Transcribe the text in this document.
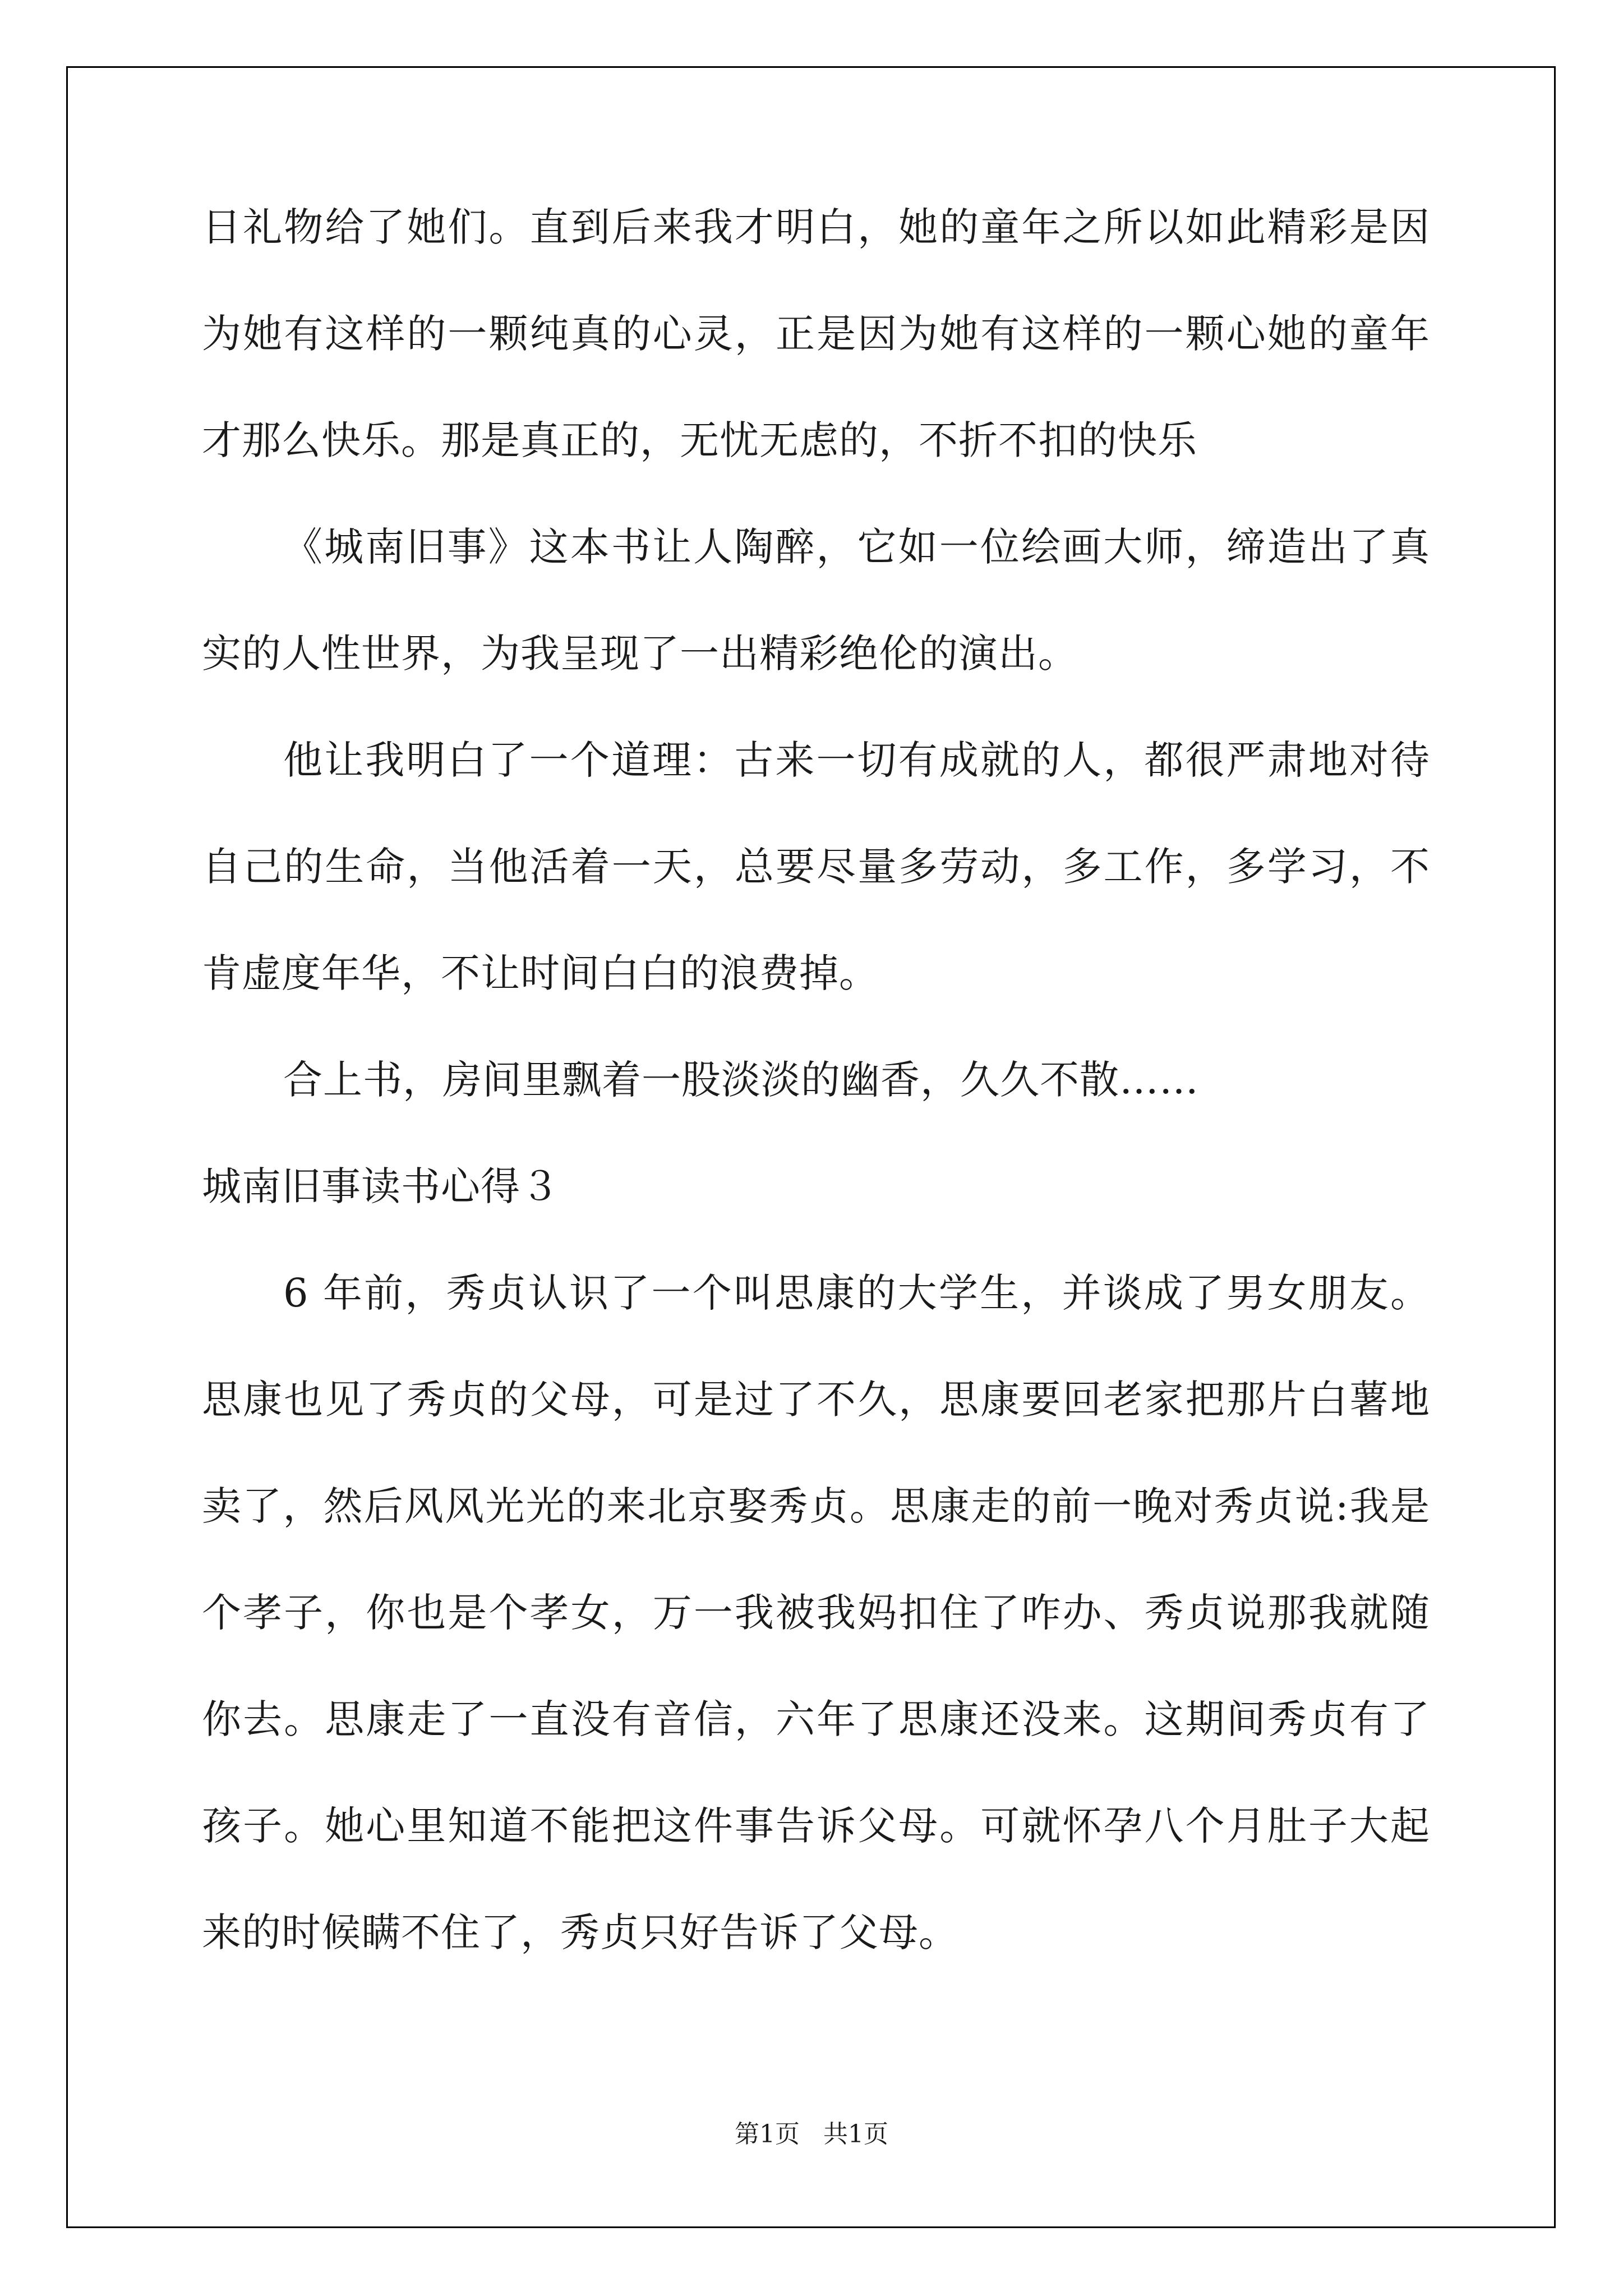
日礼物给了她们。直到后来我才明白，她的童年之所以如此精彩是因
为她有这样的一颗纯真的心灵，正是因为她有这样的一颗心她的童年
才那么快乐。那是真正的，无忧无虑的，不折不扣的快乐
《城南旧事》这本书让人陶醉，它如一位绘画大师，缔造出了真
实的人性世界，为我呈现了一出精彩绝伦的演出。
他让我明白了一个道理：古来一切有成就的人，都很严肃地对待
自己的生命，当他活着一天，总要尽量多劳动，多工作，多学习，不
肯虚度年华，不让时间白白的浪费掉。
合上书，房间里飘着一股淡淡的幽香，久久不散……
城南旧事读书心得３
6 年前，秀贞认识了一个叫思康的大学生，并谈成了男女朋友。
思康也见了秀贞的父母，可是过了不久，思康要回老家把那片白薯地
卖了，然后风风光光的来北京娶秀贞。思康走的前一晚对秀贞说:我是
个孝子，你也是个孝女，万一我被我妈扣住了咋办、秀贞说那我就随
你去。思康走了一直没有音信，六年了思康还没来。这期间秀贞有了
孩子。她心里知道不能把这件事告诉父母。可就怀孕八个月肚子大起
来的时候瞒不住了，秀贞只好告诉了父母。
第1页   共1页
